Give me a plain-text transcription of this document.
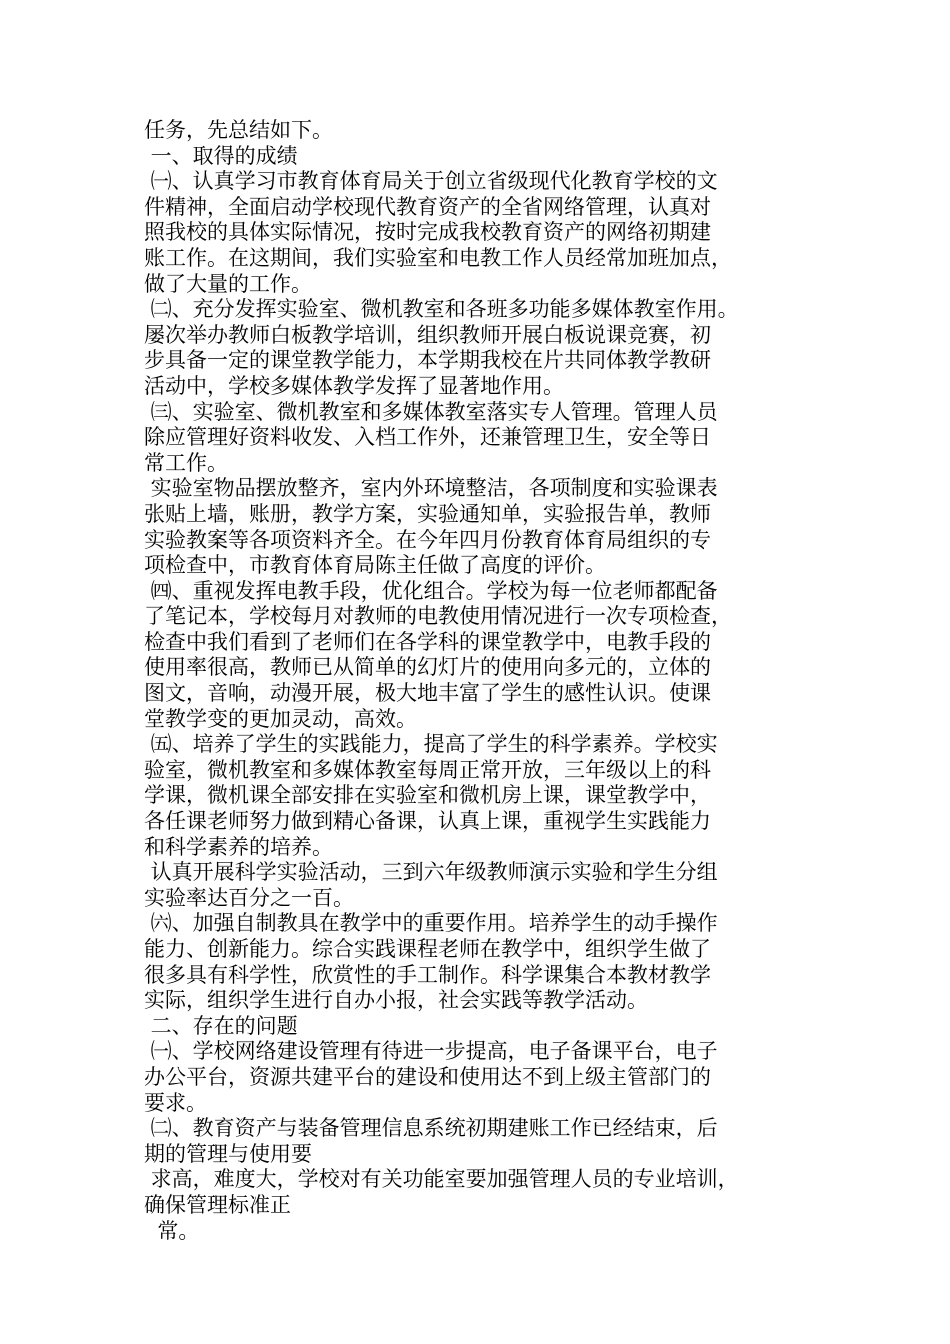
任务，先总结如下。

一、取得的成绩

㈠、认真学习市教育体育局关于创立省级现代化教育学校的文

件精神，全面启动学校现代教育资产的全省网络管理，认真对

照我校的具体实际情况，按时完成我校教育资产的网络初期建

账工作。在这期间，我们实验室和电教工作人员经常加班加点，

做了大量的工作。

㈡、充分发挥实验室、微机教室和各班多功能多媒体教室作用。

屡次举办教师白板教学培训，组织教师开展白板说课竞赛，初

步具备一定的课堂教学能力，本学期我校在片共同体教学教研

活动中，学校多媒体教学发挥了显著地作用。

㈢、实验室、微机教室和多媒体教室落实专人管理。管理人员

除应管理好资料收发、入档工作外，还兼管理卫生，安全等日

常工作。

实验室物品摆放整齐，室内外环境整洁，各项制度和实验课表

张贴上墙，账册，教学方案，实验通知单，实验报告单，教师

实验教案等各项资料齐全。在今年四月份教育体育局组织的专

项检查中，市教育体育局陈主任做了高度的评价。

㈣、重视发挥电教手段，优化组合。学校为每一位老师都配备

了笔记本，学校每月对教师的电教使用情况进行一次专项检查，

检查中我们看到了老师们在各学科的课堂教学中，电教手段的

使用率很高，教师已从简单的幻灯片的使用向多元的，立体的

图文，音响，动漫开展，极大地丰富了学生的感性认识。使课

堂教学变的更加灵动，高效。

㈤、培养了学生的实践能力，提高了学生的科学素养。学校实

验室，微机教室和多媒体教室每周正常开放，三年级以上的科

学课，微机课全部安排在实验室和微机房上课，课堂教学中，

各任课老师努力做到精心备课，认真上课，重视学生实践能力

和科学素养的培养。

认真开展科学实验活动，三到六年级教师演示实验和学生分组

实验率达百分之一百。

㈥、加强自制教具在教学中的重要作用。培养学生的动手操作

能力、创新能力。综合实践课程老师在教学中，组织学生做了

很多具有科学性，欣赏性的手工制作。科学课集合本教材教学

实际，组织学生进行自办小报，社会实践等教学活动。

二、存在的问题

㈠、学校网络建设管理有待进一步提高，电子备课平台，电子

办公平台，资源共建平台的建设和使用达不到上级主管部门的

要求。

㈡、教育资产与装备管理信息系统初期建账工作已经结束，后

期的管理与使用要

求高，难度大，学校对有关功能室要加强管理人员的专业培训，

确保管理标准正

常。
